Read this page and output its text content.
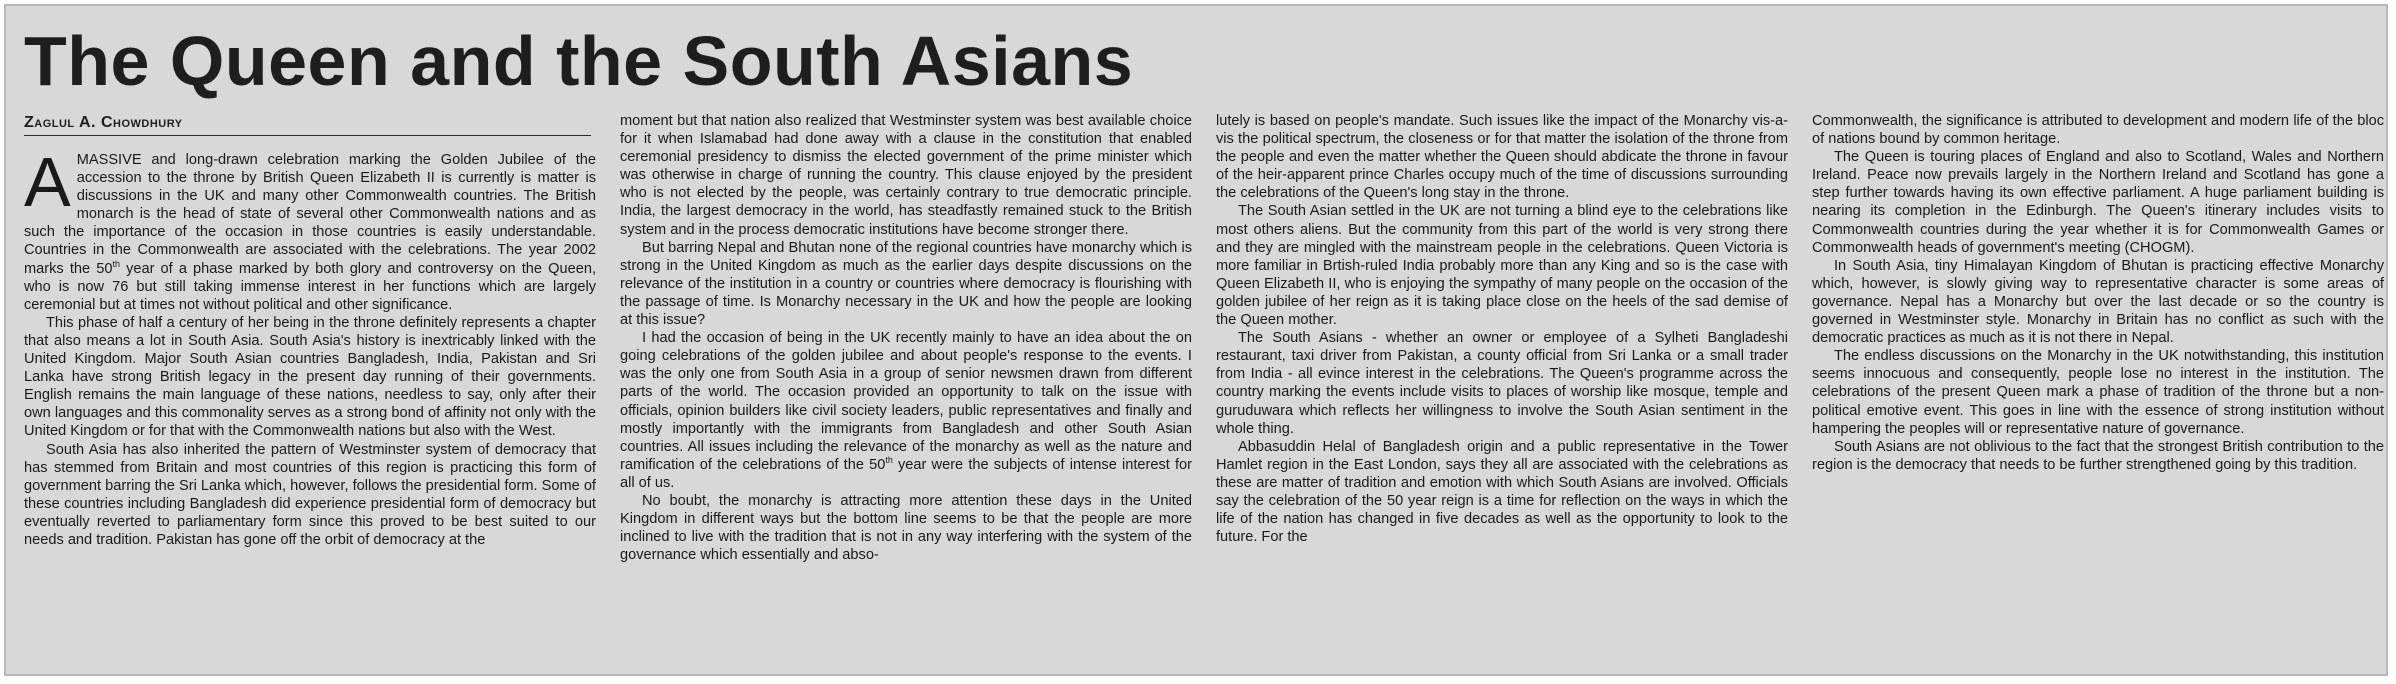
The Queen and the South Asians
Zaglul A. Chowdhury

AMASSIVE and long-drawn celebration marking the Golden Jubilee of the accession to the throne by British Queen Elizabeth II is currently is matter is discussions in the UK and many other Commonwealth countries. The British monarch is the head of state of several other Commonwealth nations and as such the importance of the occasion in those countries is easily understandable. Countries in the Commonwealth are associated with the celebrations. The year 2002 marks the 50th year of a phase marked by both glory and controversy on the Queen, who is now 76 but still taking immense interest in her functions which are largely ceremonial but at times not without political and other significance.

This phase of half a century of her being in the throne definitely represents a chapter that also means a lot in South Asia. South Asia's history is inextricably linked with the United Kingdom. Major South Asian countries Bangladesh, India, Pakistan and Sri Lanka have strong British legacy in the present day running of their governments. English remains the main language of these nations, needless to say, only after their own languages and this commonality serves as a strong bond of affinity not only with the United Kingdom or for that with the Commonwealth nations but also with the West.

South Asia has also inherited the pattern of Westminster system of democracy that has stemmed from Britain and most countries of this region is practicing this form of government barring the Sri Lanka which, however, follows the presidential form. Some of these countries including Bangladesh did experience presidential form of democracy but eventually reverted to parliamentary form since this proved to be best suited to our needs and tradition. Pakistan has gone off the orbit of democracy at the

moment but that nation also realized that Westminster system was best available choice for it when Islamabad had done away with a clause in the constitution that enabled ceremonial presidency to dismiss the elected government of the prime minister which was otherwise in charge of running the country. This clause enjoyed by the president who is not elected by the people, was certainly contrary to true democratic principle. India, the largest democracy in the world, has steadfastly remained stuck to the British system and in the process democratic institutions have become stronger there.

But barring Nepal and Bhutan none of the regional countries have monarchy which is strong in the United Kingdom as much as the earlier days despite discussions on the relevance of the institution in a country or countries where democracy is flourishing with the passage of time. Is Monarchy necessary in the UK and how the people are looking at this issue?

I had the occasion of being in the UK recently mainly to have an idea about the on going celebrations of the golden jubilee and about people's response to the events. I was the only one from South Asia in a group of senior newsmen drawn from different parts of the world. The occasion provided an opportunity to talk on the issue with officials, opinion builders like civil society leaders, public representatives and finally and mostly importantly with the immigrants from Bangladesh and other South Asian countries. All issues including the relevance of the monarchy as well as the nature and ramification of the celebrations of the 50th year were the subjects of intense interest for all of us.

No boubt, the monarchy is attracting more attention these days in the United Kingdom in different ways but the bottom line seems to be that the people are more inclined to live with the tradition that is not in any way interfering with the system of the governance which essentially and abso-

lutely is based on people's mandate. Such issues like the impact of the Monarchy vis-a-vis the political spectrum, the closeness or for that matter the isolation of the throne from the people and even the matter whether the Queen should abdicate the throne in favour of the heir-apparent prince Charles occupy much of the time of discussions surrounding the celebrations of the Queen's long stay in the throne.

The South Asian settled in the UK are not turning a blind eye to the celebrations like most others aliens. But the community from this part of the world is very strong there and they are mingled with the mainstream people in the celebrations. Queen Victoria is more familiar in Brtish-ruled India probably more than any King and so is the case with Queen Elizabeth II, who is enjoying the sympathy of many people on the occasion of the golden jubilee of her reign as it is taking place close on the heels of the sad demise of the Queen mother.

The South Asians - whether an owner or employee of a Sylheti Bangladeshi restaurant, taxi driver from Pakistan, a county official from Sri Lanka or a small trader from India - all evince interest in the celebrations. The Queen's programme across the country marking the events include visits to places of worship like mosque, temple and guruduwara which reflects her willingness to involve the South Asian sentiment in the whole thing.

Abbasuddin Helal of Bangladesh origin and a public representative in the Tower Hamlet region in the East London, says they all are associated with the celebrations as these are matter of tradition and emotion with which South Asians are involved. Officials say the celebration of the 50 year reign is a time for reflection on the ways in which the life of the nation has changed in five decades as well as the opportunity to look to the future. For the

Commonwealth, the significance is attributed to development and modern life of the bloc of nations bound by common heritage.

The Queen is touring places of England and also to Scotland, Wales and Northern Ireland. Peace now prevails largely in the Northern Ireland and Scotland has gone a step further towards having its own effective parliament. A huge parliament building is nearing its completion in the Edinburgh. The Queen's itinerary includes visits to Commonwealth countries during the year whether it is for Commonwealth Games or Commonwealth heads of government's meeting (CHOGM).

In South Asia, tiny Himalayan Kingdom of Bhutan is practicing effective Monarchy which, however, is slowly giving way to representative character is some areas of governance. Nepal has a Monarchy but over the last decade or so the country is governed in Westminster style. Monarchy in Britain has no conflict as such with the democratic practices as much as it is not there in Nepal.

The endless discussions on the Monarchy in the UK notwithstanding, this institution seems innocuous and consequently, people lose no interest in the institution. The celebrations of the present Queen mark a phase of tradition of the throne but a non-political emotive event. This goes in line with the essence of strong institution without hampering the peoples will or representative nature of governance.

South Asians are not oblivious to the fact that the strongest British contribution to the region is the democracy that needs to be further strengthened going by this tradition.
